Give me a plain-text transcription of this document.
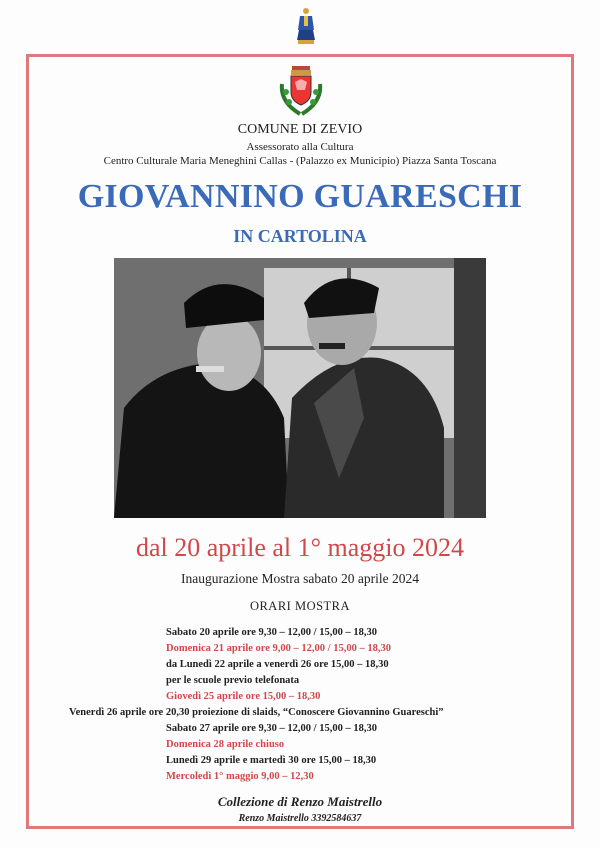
COMUNE DI ZEVIO
Assessorato alla Cultura
Centro Culturale Maria Meneghini Callas - (Palazzo ex Municipio) Piazza Santa Toscana
GIOVANNINO GUARESCHI
IN CARTOLINA
dal 20 aprile al 1° maggio 2024
Inaugurazione Mostra sabato 20 aprile 2024
ORARI MOSTRA
Sabato 20 aprile ore 9,30 – 12,00 / 15,00 – 18,30
Domenica 21 aprile ore 9,00 – 12,00 / 15,00 – 18,30
da Lunedì 22 aprile a venerdì 26 ore 15,00 – 18,30
per le scuole previo telefonata
Giovedì 25 aprile ore 15,00 – 18,30
Venerdì 26 aprile ore 20,30 proiezione di slaids, “Conoscere Giovannino Guareschi”
Sabato 27 aprile ore 9,30 – 12,00 / 15,00 – 18,30
Domenica 28 aprile chiuso
Lunedì 29 aprile e martedì 30 ore 15,00 – 18,30
Mercoledì 1° maggio 9,00 – 12,30
Collezione di Renzo Maistrello
Renzo Maistrello 3392584637
